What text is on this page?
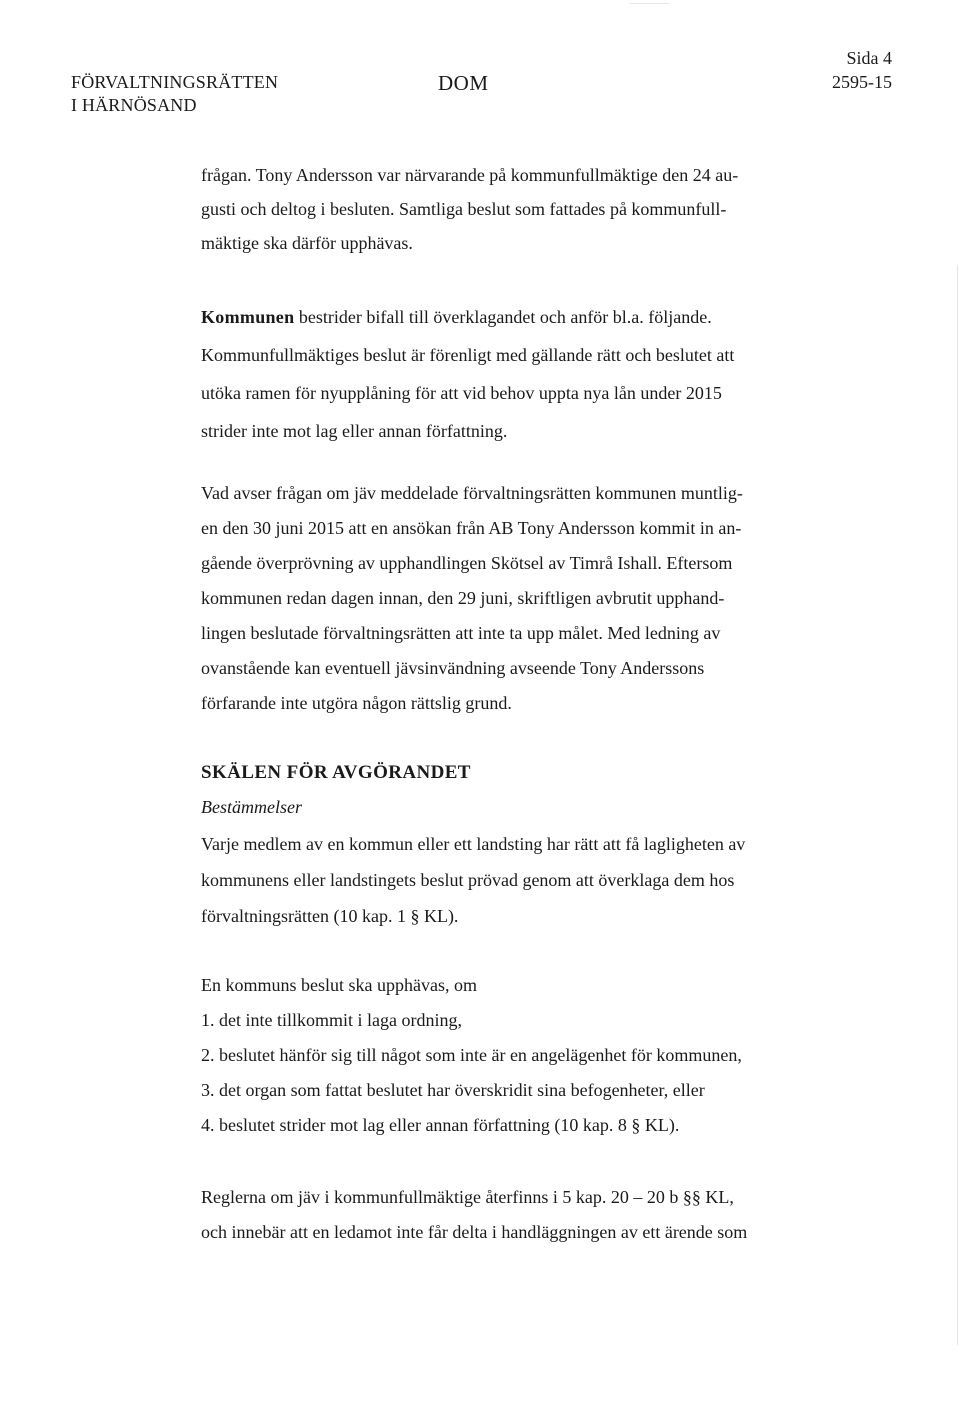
FÖRVALTNINGSRÄTTEN
I HÄRNÖSAND
DOM
Sida 4
2595-15
frågan. Tony Andersson var närvarande på kommunfullmäktige den 24 au-
gusti och deltog i besluten. Samtliga beslut som fattades på kommunfull-
mäktige ska därför upphävas.
Kommunen bestrider bifall till överklagandet och anför bl.a. följande.
Kommunfullmäktiges beslut är förenligt med gällande rätt och beslutet att
utöka ramen för nyupplåning för att vid behov uppta nya lån under 2015
strider inte mot lag eller annan författning.
Vad avser frågan om jäv meddelade förvaltningsrätten kommunen muntlig-
en den 30 juni 2015 att en ansökan från AB Tony Andersson kommit in an-
gående överprövning av upphandlingen Skötsel av Timrå Ishall. Eftersom
kommunen redan dagen innan, den 29 juni, skriftligen avbrutit upphand-
lingen beslutade förvaltningsrätten att inte ta upp målet. Med ledning av
ovanstående kan eventuell jävsinvändning avseende Tony Anderssons
förfarande inte utgöra någon rättslig grund.
SKÄLEN FÖR AVGÖRANDET
Bestämmelser
Varje medlem av en kommun eller ett landsting har rätt att få lagligheten av
kommunens eller landstingets beslut prövad genom att överklaga dem hos
förvaltningsrätten (10 kap. 1 § KL).
En kommuns beslut ska upphävas, om
1. det inte tillkommit i laga ordning,
2. beslutet hänför sig till något som inte är en angelägenhet för kommunen,
3. det organ som fattat beslutet har överskridit sina befogenheter, eller
4. beslutet strider mot lag eller annan författning (10 kap. 8 § KL).
Reglerna om jäv i kommunfullmäktige återfinns i 5 kap. 20 – 20 b §§ KL,
och innebär att en ledamot inte får delta i handläggningen av ett ärende som
